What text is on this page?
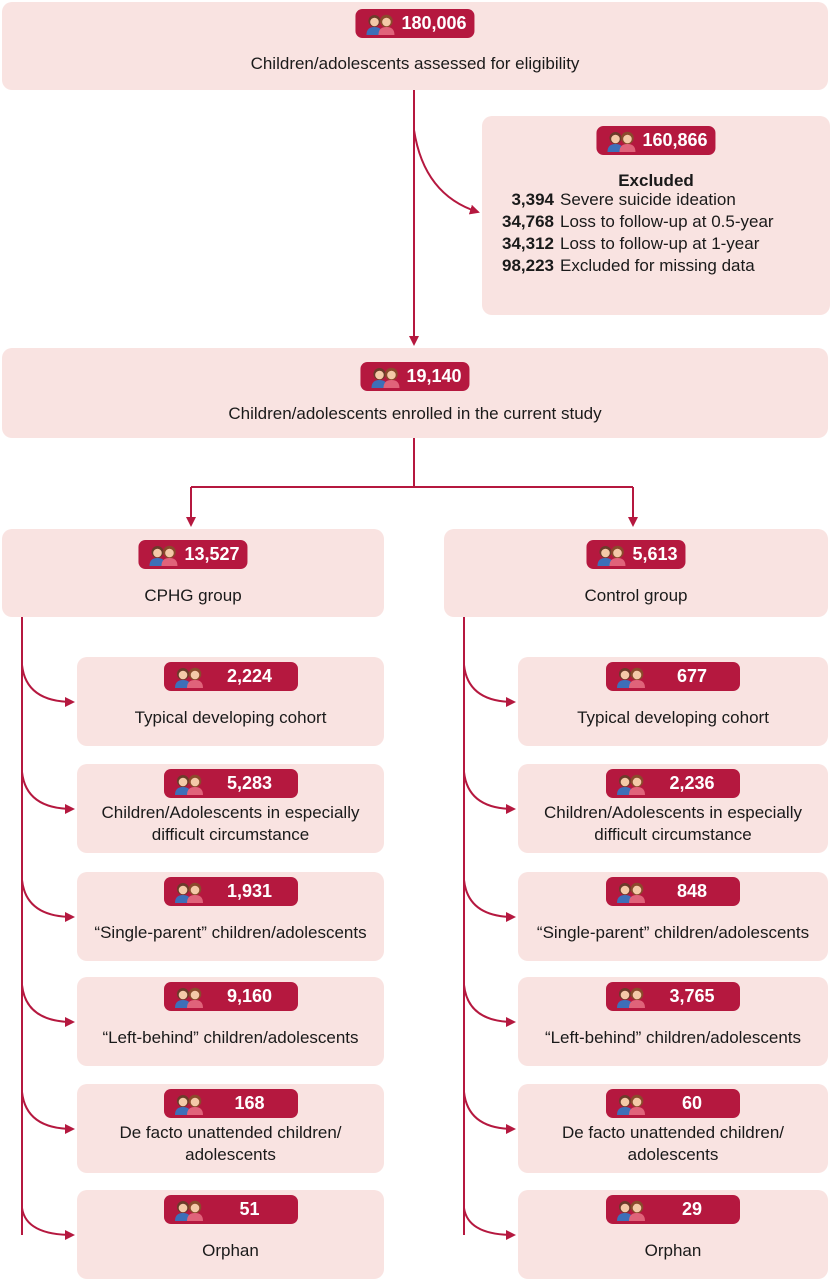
180,006
Children/adolescents assessed for eligibility
160,866
Excluded
3,394 Severe suicide ideation
34,768 Loss to follow-up at 0.5-year
34,312 Loss to follow-up at 1-year
98,223 Excluded for missing data
19,140
Children/adolescents enrolled in the current study
13,527
CPHG group
5,613
Control group
2,224
Typical developing cohort
5,283
Children/Adolescents in especially
difficult circumstance
1,931
“Single-parent” children/adolescents
9,160
“Left-behind” children/adolescents
168
De facto unattended children/
adolescents
51
Orphan
677
Typical developing cohort
2,236
Children/Adolescents in especially
difficult circumstance
848
“Single-parent” children/adolescents
3,765
“Left-behind” children/adolescents
60
De facto unattended children/
adolescents
29
Orphan
